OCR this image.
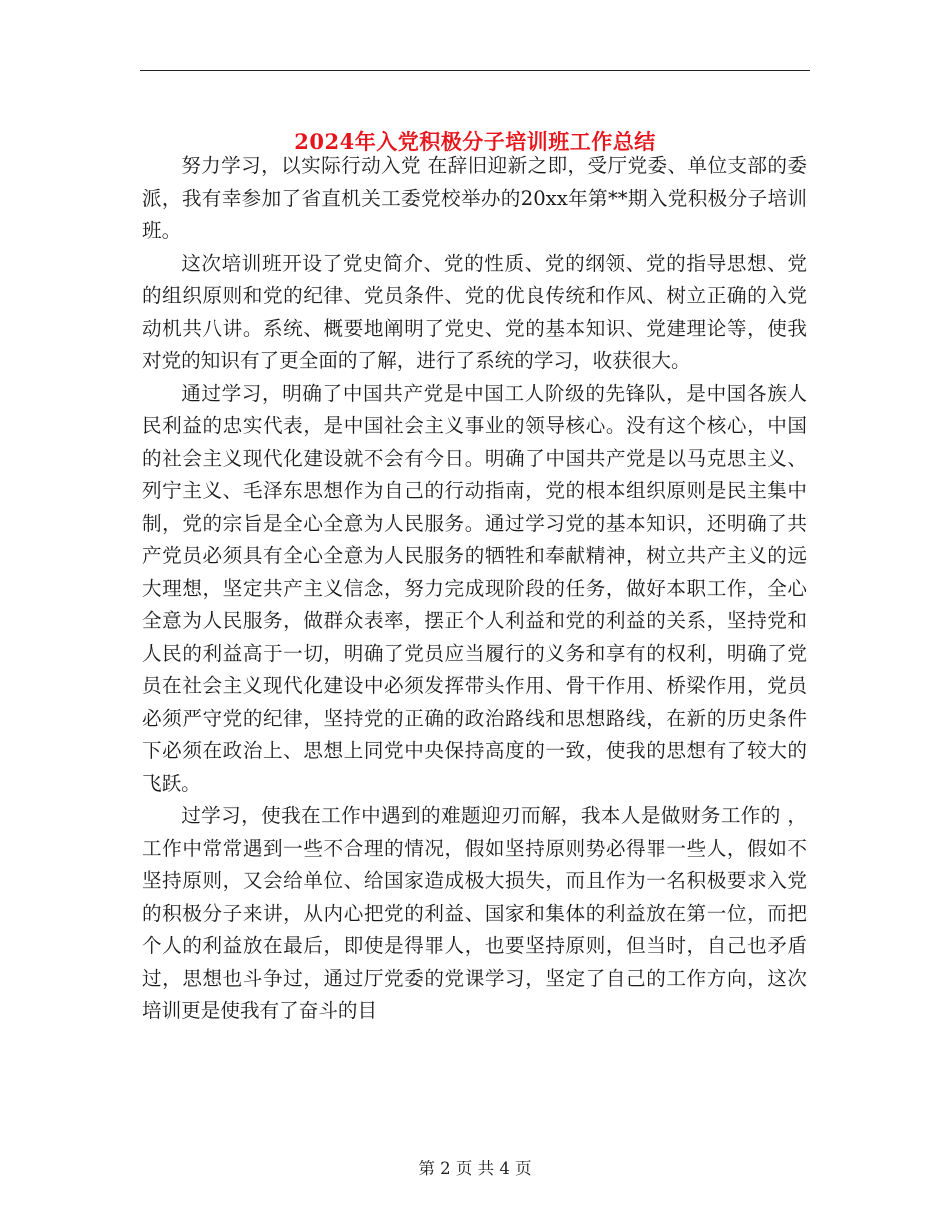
2024年入党积极分子培训班工作总结

努力学习，以实际行动入党 在辞旧迎新之即，受厅党委、单位支部的委派，我有幸参加了省直机关工委党校举办的20xx年第**期入党积极分子培训班。

这次培训班开设了党史简介、党的性质、党的纲领、党的指导思想、党的组织原则和党的纪律、党员条件、党的优良传统和作风、树立正确的入党动机共八讲。系统、概要地阐明了党史、党的基本知识、党建理论等，使我对党的知识有了更全面的了解，进行了系统的学习，收获很大。

通过学习，明确了中国共产党是中国工人阶级的先锋队，是中国各族人民利益的忠实代表，是中国社会主义事业的领导核心。没有这个核心，中国的社会主义现代化建设就不会有今日。明确了中国共产党是以马克思主义、列宁主义、毛泽东思想作为自己的行动指南，党的根本组织原则是民主集中制，党的宗旨是全心全意为人民服务。通过学习党的基本知识，还明确了共产党员必须具有全心全意为人民服务的牺牲和奉献精神，树立共产主义的远大理想，坚定共产主义信念，努力完成现阶段的任务，做好本职工作，全心全意为人民服务，做群众表率，摆正个人利益和党的利益的关系，坚持党和人民的利益高于一切，明确了党员应当履行的义务和享有的权利，明确了党员在社会主义现代化建设中必须发挥带头作用、骨干作用、桥梁作用，党员必须严守党的纪律，坚持党的正确的政治路线和思想路线，在新的历史条件下必须在政治上、思想上同党中央保持高度的一致，使我的思想有了较大的飞跃。

过学习，使我在工作中遇到的难题迎刃而解，我本人是做财务工作的 ，工作中常常遇到一些不合理的情况，假如坚持原则势必得罪一些人，假如不坚持原则，又会给单位、给国家造成极大损失，而且作为一名积极要求入党的积极分子来讲，从内心把党的利益、国家和集体的利益放在第一位，而把个人的利益放在最后，即使是得罪人，也要坚持原则，但当时，自己也矛盾过，思想也斗争过，通过厅党委的党课学习，坚定了自己的工作方向，这次培训更是使我有了奋斗的目

第 2 页 共 4 页
